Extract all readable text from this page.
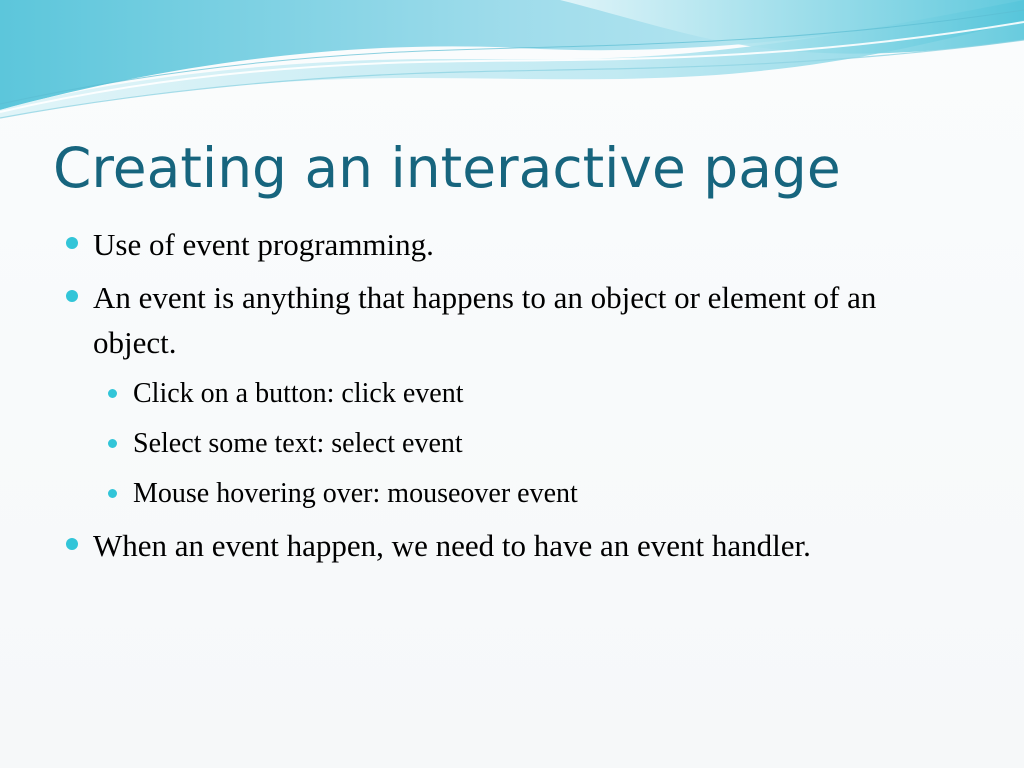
Creating an interactive page
Use of event programming.
An event is anything that happens to an object or element of an object.
Click on a button: click event
Select some text: select event
Mouse hovering over: mouseover event
When an event happen, we need to have an event handler.
